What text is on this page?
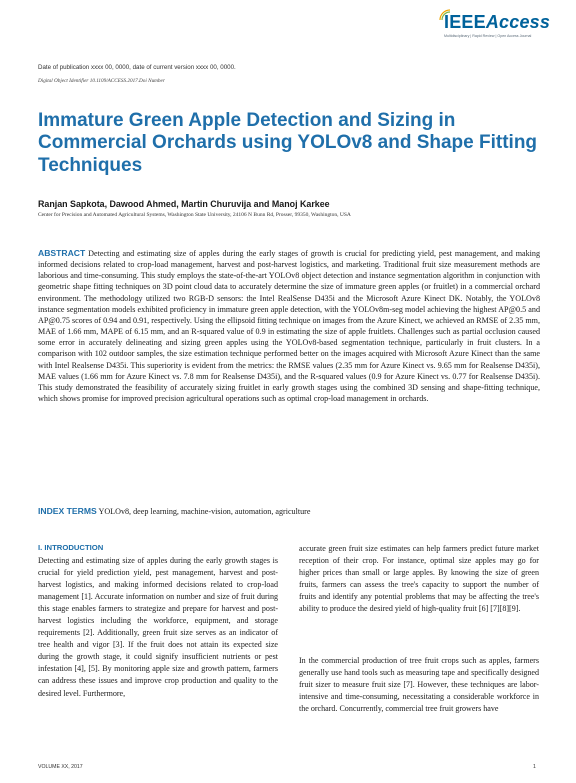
IEEEAccess
Multidisciplinary | Rapid Review | Open Access Journal
Date of publication xxxx 00, 0000, date of current version xxxx 00, 0000.
Digital Object Identifier 10.1109/ACCESS.2017.Doi Number
Immature Green Apple Detection and Sizing in Commercial Orchards using YOLOv8 and Shape Fitting Techniques
Ranjan Sapkota, Dawood Ahmed, Martin Churuvija and Manoj Karkee
Center for Precision and Automated Agricultural Systems, Washington State University, 24106 N Bunn Rd, Prosser, 99350, Washington, USA

ABSTRACT Detecting and estimating size of apples during the early stages of growth is crucial for predicting yield, pest management, and making informed decisions related to crop-load management, harvest and post-harvest logistics, and marketing. Traditional fruit size measurement methods are laborious and time-consuming. This study employs the state-of-the-art YOLOv8 object detection and instance segmentation algorithm in conjunction with geometric shape fitting techniques on 3D point cloud data to accurately determine the size of immature green apples (or fruitlet) in a commercial orchard environment. The methodology utilized two RGB-D sensors: the Intel RealSense D435i and the Microsoft Azure Kinect DK. Notably, the YOLOv8 instance segmentation models exhibited proficiency in immature green apple detection, with the YOLOv8m-seg model achieving the highest AP@0.5 and AP@0.75 scores of 0.94 and 0.91, respectively. Using the ellipsoid fitting technique on images from the Azure Kinect, we achieved an RMSE of 2.35 mm, MAE of 1.66 mm, MAPE of 6.15 mm, and an R-squared value of 0.9 in estimating the size of apple fruitlets. Challenges such as partial occlusion caused some error in accurately delineating and sizing green apples using the YOLOv8-based segmentation technique, particularly in fruit clusters. In a comparison with 102 outdoor samples, the size estimation technique performed better on the images acquired with Microsoft Azure Kinect than the same with Intel Realsense D435i. This superiority is evident from the metrics: the RMSE values (2.35 mm for Azure Kinect vs. 9.65 mm for Realsense D435i), MAE values (1.66 mm for Azure Kinect vs. 7.8 mm for Realsense D435i), and the R-squared values (0.9 for Azure Kinect vs. 0.77 for Realsense D435i). This study demonstrated the feasibility of accurately sizing fruitlet in early growth stages using the combined 3D sensing and shape-fitting technique, which shows promise for improved precision agricultural operations such as optimal crop-load management in orchards.

INDEX TERMS YOLOv8, deep learning, machine-vision, automation, agriculture

I. INTRODUCTION

Detecting and estimating size of apples during the early growth stages is crucial for yield prediction yield, pest management, harvest and post-harvest logistics, and making informed decisions related to crop-load management [1]. Accurate information on number and size of fruit during this stage enables farmers to strategize and prepare for harvest and post-harvest logistics including the workforce, equipment, and storage requirements [2]. Additionally, green fruit size serves as an indicator of tree health and vigor [3]. If the fruit does not attain its expected size during the growth stage, it could signify insufficient nutrients or pest infestation [4], [5]. By monitoring apple size and growth pattern, farmers can address these issues and improve crop production and quality to the desired level. Furthermore,

accurate green fruit size estimates can help farmers predict future market reception of their crop. For instance, optimal size apples may go for higher prices than small or large apples. By knowing the size of green fruits, farmers can assess the tree's capacity to support the number of fruits and identify any potential problems that may be affecting the tree's ability to produce the desired yield of high-quality fruit [6] [7][8][9].

In the commercial production of tree fruit crops such as apples, farmers generally use hand tools such as measuring tape and specifically designed fruit sizer to measure fruit size [7]. However, these techniques are labor-intensive and time-consuming, necessitating a considerable workforce in the orchard. Concurrently, commercial tree fruit growers have

VOLUME XX, 2017	1
